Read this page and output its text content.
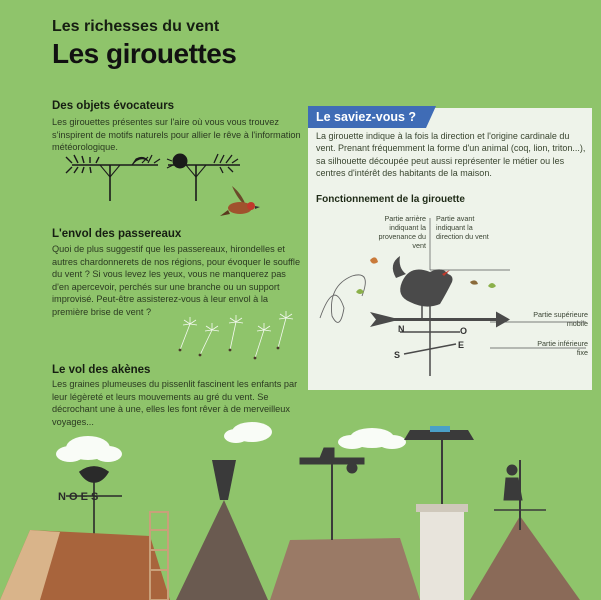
Les richesses du vent
Les girouettes
Des objets évocateurs
Les girouettes présentes sur l'aire où vous vous trouvez s'inspirent de motifs naturels pour allier le rêve à l'information météorologique.
L'envol des passereaux
Quoi de plus suggestif que les passereaux, hirondelles et autres chardonnerets de nos régions, pour évoquer le souffle du vent ? Si vous levez les yeux, vous ne manquerez pas d'en apercevoir, perchés sur une branche ou un support improvisé. Peut-être assisterez-vous à leur envol à la première brise de vent ?
Le vol des akènes
Les graines plumeuses du pissenlit fascinent les enfants par leur légèreté et leurs mouvements au gré du vent. Se décrochant une à une, elles les font rêver à de merveilleux voyages...
Le saviez-vous ?
La girouette indique à la fois la direction et l'origine cardinale du vent. Prenant fréquemment la forme d'un animal (coq, lion, triton...), sa silhouette découpée peut aussi représenter le métier ou les centres d'intérêt des habitants de la maison.
Fonctionnement de la girouette
Partie arrière indiquant la provenance du vent
Partie avant indiquant la direction du vent
Partie supérieure mobile
Partie inférieure fixe
N
S
E
O
N O E S
